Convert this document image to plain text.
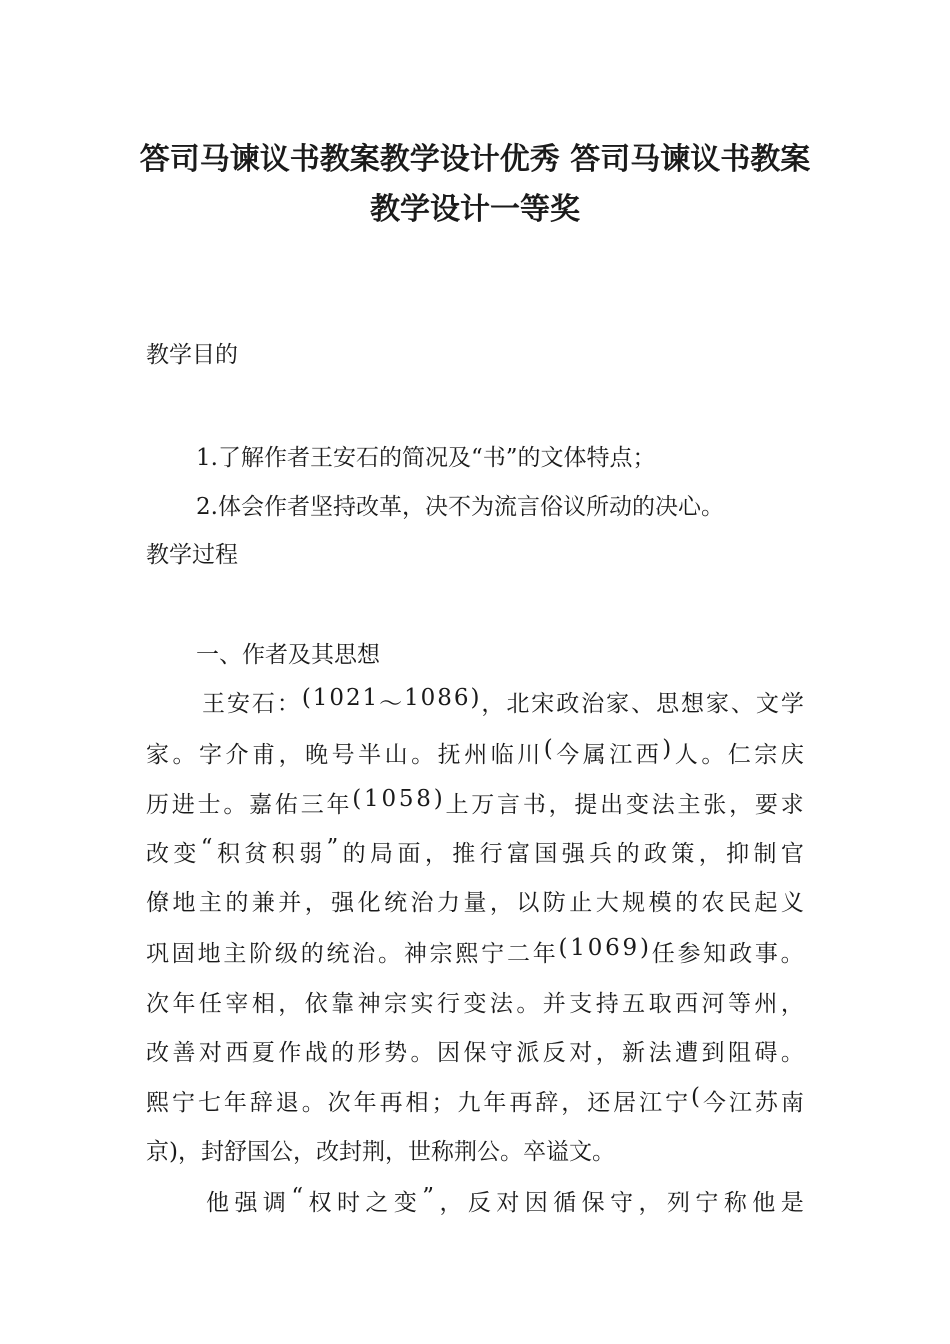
答司马谏议书教案教学设计优秀 答司马谏议书教案
教学设计一等奖
教学目的
1.了解作者王安石的简况及“书”的文体特点；
2.体会作者坚持改革，决不为流言俗议所动的决心。
教学过程
一、作者及其思想
王 安 石 ： ( 1 0 2 1 ～ 1 0 8 6 ) ， 北 宋 政 治 家 、 思 想 家 、 文 学
家 。 字 介 甫 ， 晚 号 半 山 。 抚 州 临 川 ( 今 属 江 西 ) 人 。 仁 宗 庆
历 进 士 。 嘉 佑 三 年 ( 1 0 5 8 ) 上 万 言 书 ， 提 出 变 法 主 张 ， 要 求
改 变 “ 积 贫 积 弱 ” 的 局 面 ， 推 行 富 国 强 兵 的 政 策 ， 抑 制 官
僚 地 主 的 兼 并 ， 强 化 统 治 力 量 ， 以 防 止 大 规 模 的 农 民 起 义
巩 固 地 主 阶 级 的 统 治 。 神 宗 熙 宁 二 年 ( 1 0 6 9 ) 任 参 知 政 事 。
次 年 任 宰 相 ， 依 靠 神 宗 实 行 变 法 。 并 支 持 五 取 西 河 等 州 ，
改 善 对 西 夏 作 战 的 形 势 。 因 保 守 派 反 对 ， 新 法 遭 到 阻 碍 。
熙 宁 七 年 辞 退 。 次 年 再 相 ； 九 年 再 辞 ， 还 居 江 宁 ( 今 江 苏 南
京)，封舒国公，改封荆，世称荆公。卒谥文。
他 强 调 “ 权 时 之 变 ” ， 反 对 因 循 保 守 ， 列 宁 称 他 是
